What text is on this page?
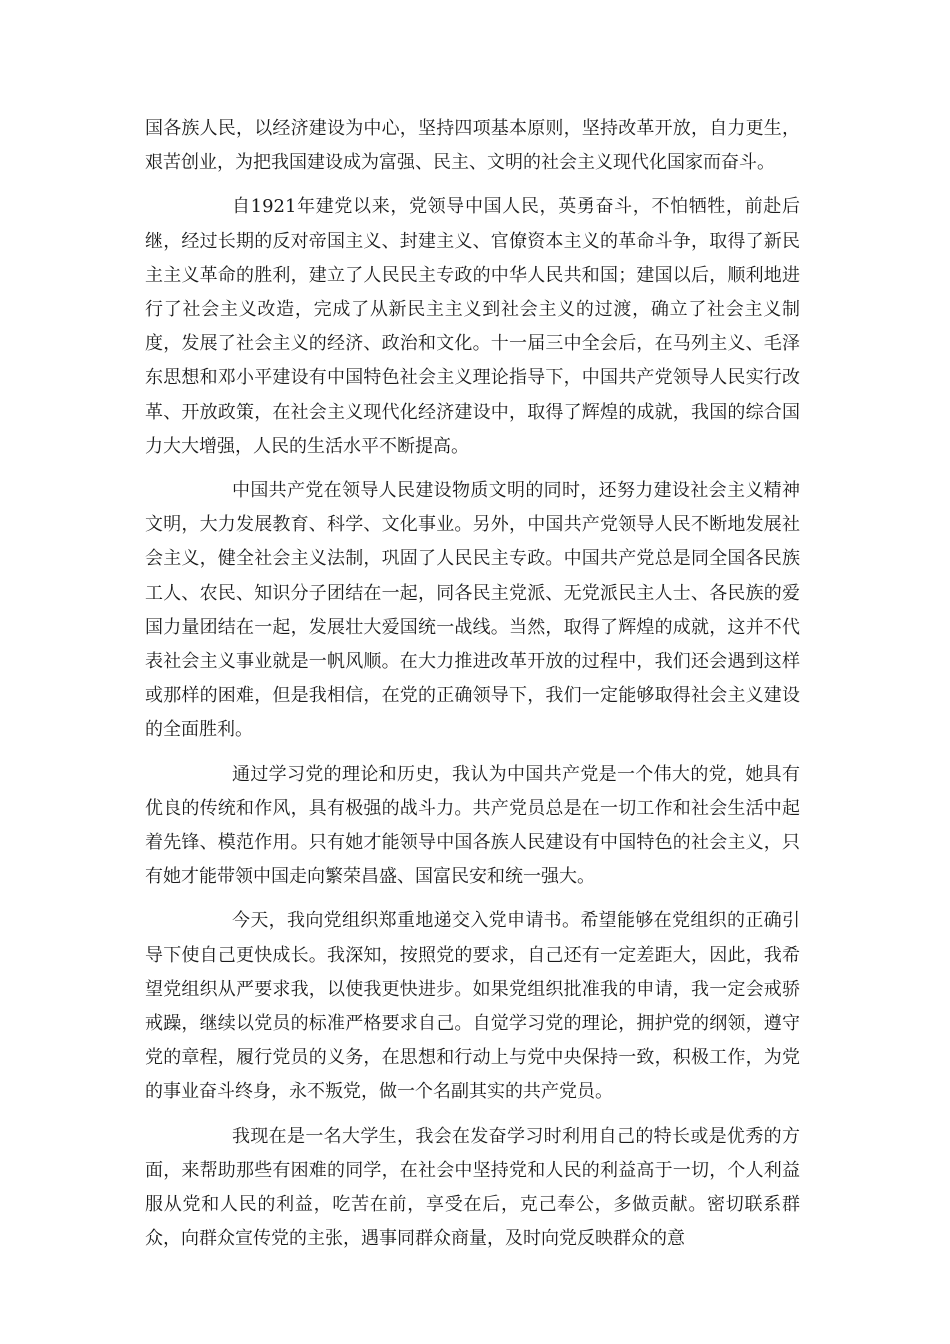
国各族人民，以经济建设为中心，坚持四项基本原则，坚持改革开放，自力更生，艰苦创业，为把我国建设成为富强、民主、文明的社会主义现代化国家而奋斗。

自1921年建党以来，党领导中国人民，英勇奋斗，不怕牺牲，前赴后继，经过长期的反对帝国主义、封建主义、官僚资本主义的革命斗争，取得了新民主主义革命的胜利，建立了人民民主专政的中华人民共和国；建国以后，顺利地进行了社会主义改造，完成了从新民主主义到社会主义的过渡，确立了社会主义制度，发展了社会主义的经济、政治和文化。十一届三中全会后，在马列主义、毛泽东思想和邓小平建设有中国特色社会主义理论指导下，中国共产党领导人民实行改革、开放政策，在社会主义现代化经济建设中，取得了辉煌的成就，我国的综合国力大大增强，人民的生活水平不断提高。

中国共产党在领导人民建设物质文明的同时，还努力建设社会主义精神文明，大力发展教育、科学、文化事业。另外，中国共产党领导人民不断地发展社会主义，健全社会主义法制，巩固了人民民主专政。中国共产党总是同全国各民族工人、农民、知识分子团结在一起，同各民主党派、无党派民主人士、各民族的爱国力量团结在一起，发展壮大爱国统一战线。当然，取得了辉煌的成就，这并不代表社会主义事业就是一帆风顺。在大力推进改革开放的过程中，我们还会遇到这样或那样的困难，但是我相信，在党的正确领导下，我们一定能够取得社会主义建设的全面胜利。

通过学习党的理论和历史，我认为中国共产党是一个伟大的党，她具有优良的传统和作风，具有极强的战斗力。共产党员总是在一切工作和社会生活中起着先锋、模范作用。只有她才能领导中国各族人民建设有中国特色的社会主义，只有她才能带领中国走向繁荣昌盛、国富民安和统一强大。

今天，我向党组织郑重地递交入党申请书。希望能够在党组织的正确引导下使自己更快成长。我深知，按照党的要求，自己还有一定差距大，因此，我希望党组织从严要求我，以使我更快进步。如果党组织批准我的申请，我一定会戒骄戒躁，继续以党员的标准严格要求自己。自觉学习党的理论，拥护党的纲领，遵守党的章程，履行党员的义务，在思想和行动上与党中央保持一致，积极工作，为党的事业奋斗终身，永不叛党，做一个名副其实的共产党员。

我现在是一名大学生，我会在发奋学习时利用自己的特长或是优秀的方面，来帮助那些有困难的同学，在社会中坚持党和人民的利益高于一切，个人利益服从党和人民的利益，吃苦在前，享受在后，克己奉公，多做贡献。密切联系群众，向群众宣传党的主张，遇事同群众商量，及时向党反映群众的意
